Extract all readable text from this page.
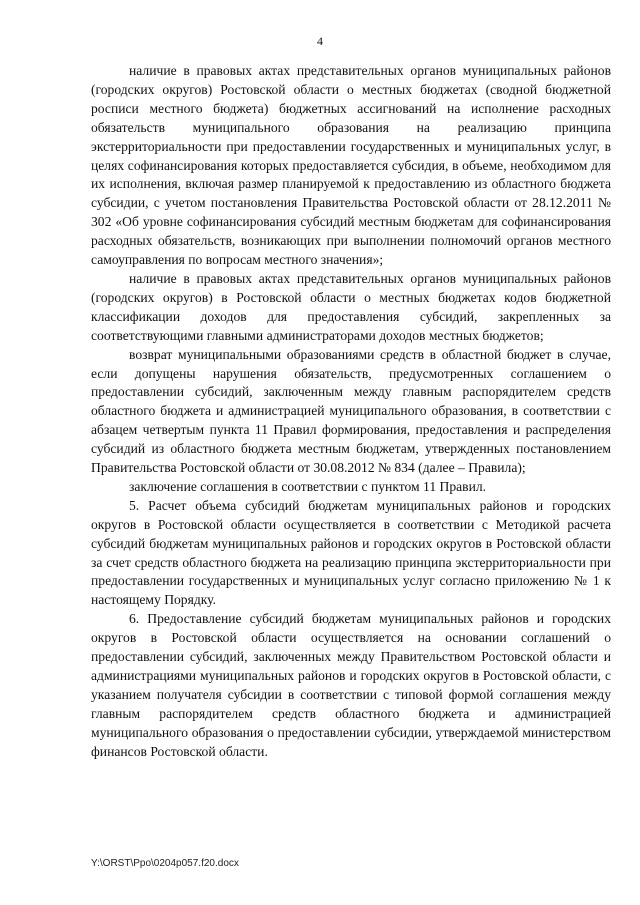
4

наличие в правовых актах представительных органов муниципальных районов (городских округов) Ростовской области о местных бюджетах (сводной бюджетной росписи местного бюджета) бюджетных ассигнований на исполнение расходных обязательств муниципального образования на реализацию принципа экстерриториальности при предоставлении государственных и муниципальных услуг, в целях софинансирования которых предоставляется субсидия, в объеме, необходимом для их исполнения, включая размер планируемой к предоставлению из областного бюджета субсидии, с учетом постановления Правительства Ростовской области от 28.12.2011 № 302 «Об уровне софинансирования субсидий местным бюджетам для софинансирования расходных обязательств, возникающих при выполнении полномочий органов местного самоуправления по вопросам местного значения»;

наличие в правовых актах представительных органов муниципальных районов (городских округов) в Ростовской области о местных бюджетах кодов бюджетной классификации доходов для предоставления субсидий, закрепленных за соответствующими главными администраторами доходов местных бюджетов;

возврат муниципальными образованиями средств в областной бюджет в случае, если допущены нарушения обязательств, предусмотренных соглашением о предоставлении субсидий, заключенным между главным распорядителем средств областного бюджета и администрацией муниципального образования, в соответствии с абзацем четвертым пункта 11 Правил формирования, предоставления и распределения субсидий из областного бюджета местным бюджетам, утвержденных постановлением Правительства Ростовской области от 30.08.2012 № 834 (далее – Правила);

заключение соглашения в соответствии с пунктом 11 Правил.

5. Расчет объема субсидий бюджетам муниципальных районов и городских округов в Ростовской области осуществляется в соответствии с Методикой расчета субсидий бюджетам муниципальных районов и городских округов в Ростовской области за счет средств областного бюджета на реализацию принципа экстерриториальности при предоставлении государственных и муниципальных услуг согласно приложению № 1 к настоящему Порядку.

6. Предоставление субсидий бюджетам муниципальных районов и городских округов в Ростовской области осуществляется на основании соглашений о предоставлении субсидий, заключенных между Правительством Ростовской области и администрациями муниципальных районов и городских округов в Ростовской области, с указанием получателя субсидии в соответствии с типовой формой соглашения между главным распорядителем средств областного бюджета и администрацией муниципального образования о предоставлении субсидии, утверждаемой министерством финансов Ростовской области.

Y:\ORST\Ppo\0204p057.f20.docx
